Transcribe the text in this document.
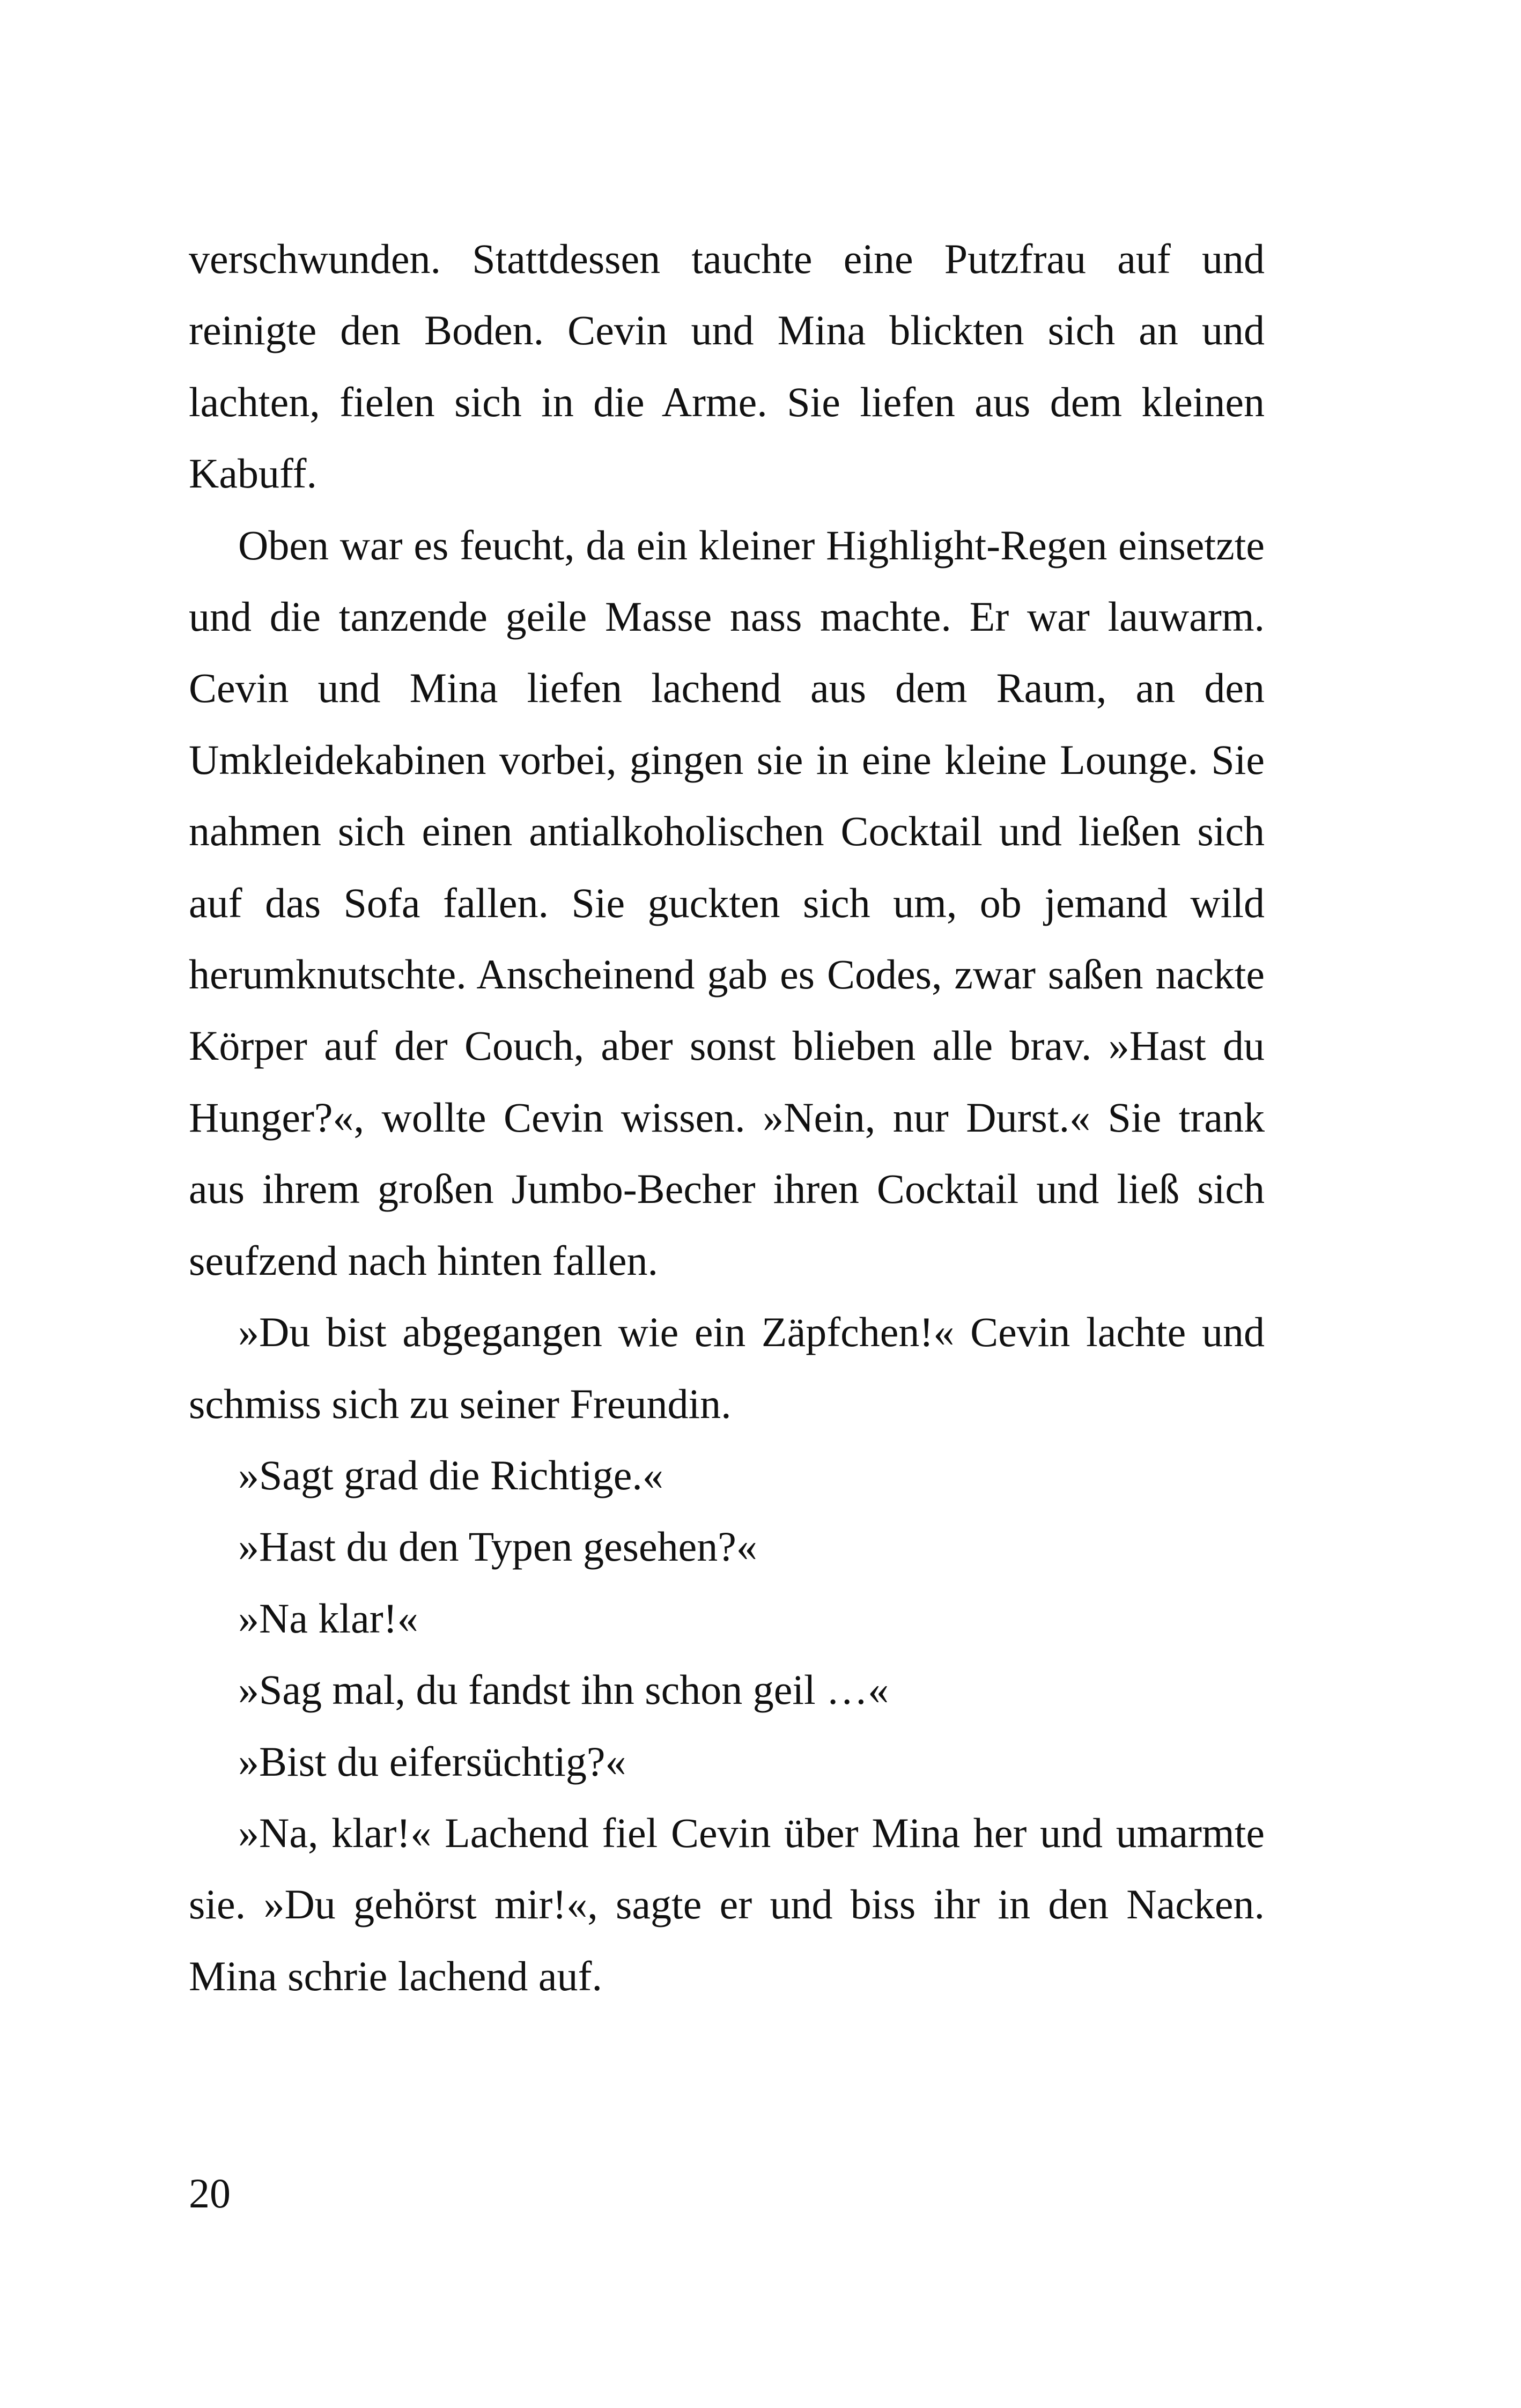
verschwunden. Stattdessen tauchte eine Putzfrau auf und reinigte den Boden. Cevin und Mina blickten sich an und lachten, fielen sich in die Arme. Sie liefen aus dem kleinen Kabuff.

Oben war es feucht, da ein kleiner Highlight-Regen einsetzte und die tanzende geile Masse nass machte. Er war lauwarm. Cevin und Mina liefen lachend aus dem Raum, an den Umkleidekabinen vorbei, gingen sie in eine kleine Lounge. Sie nahmen sich einen antialkoholischen Cocktail und ließen sich auf das Sofa fallen. Sie guckten sich um, ob jemand wild herumknutschte. Anscheinend gab es Codes, zwar saßen nackte Körper auf der Couch, aber sonst blieben alle brav. »Hast du Hunger?«, wollte Cevin wissen. »Nein, nur Durst.« Sie trank aus ihrem großen Jumbo-Becher ihren Cocktail und ließ sich seufzend nach hinten fallen.

»Du bist abgegangen wie ein Zäpfchen!« Cevin lachte und schmiss sich zu seiner Freundin.

»Sagt grad die Richtige.«

»Hast du den Typen gesehen?«

»Na klar!«

»Sag mal, du fandst ihn schon geil …«

»Bist du eifersüchtig?«

»Na, klar!« Lachend fiel Cevin über Mina her und umarmte sie. »Du gehörst mir!«, sagte er und biss ihr in den Nacken. Mina schrie lachend auf.

20
